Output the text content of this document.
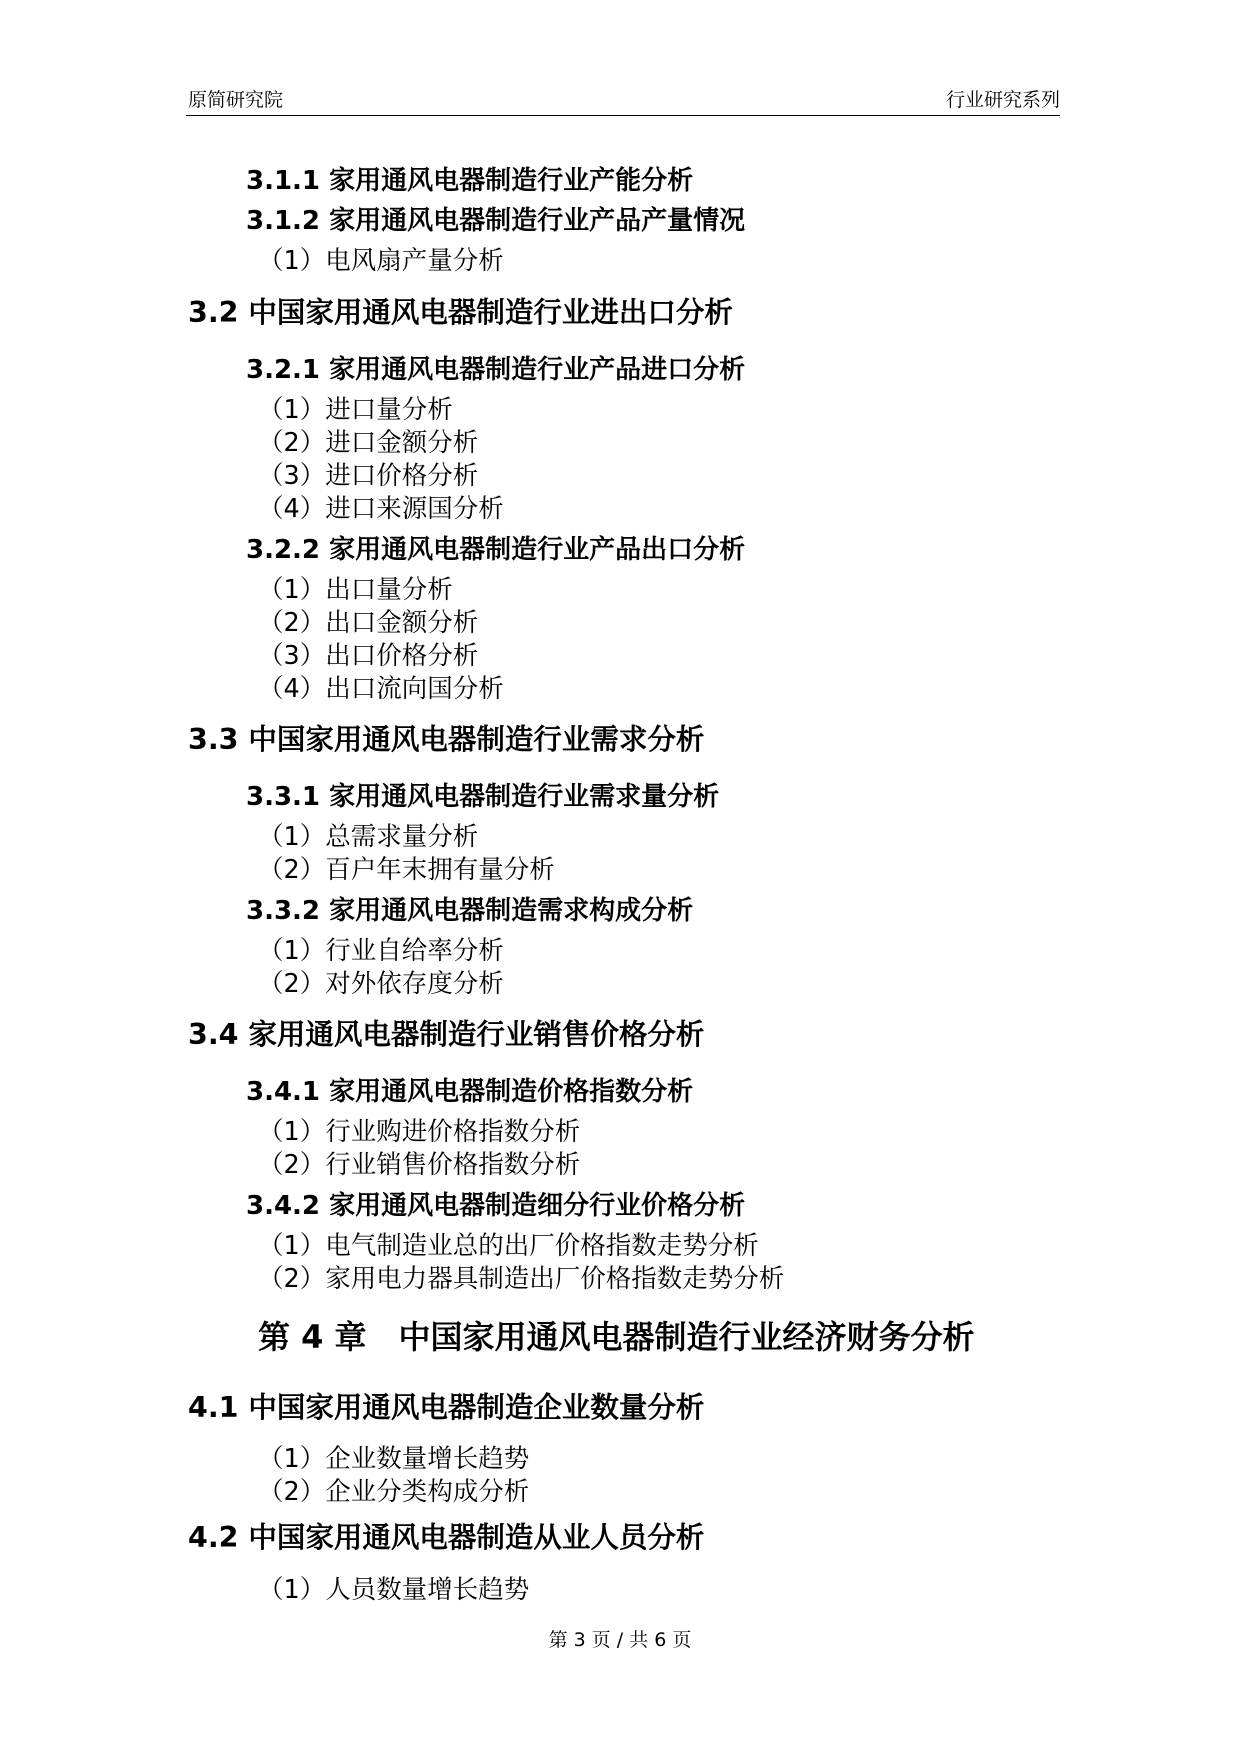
原简研究院	行业研究系列
3.1.1 家用通风电器制造行业产能分析
3.1.2 家用通风电器制造行业产品产量情况
（1）电风扇产量分析
3.2 中国家用通风电器制造行业进出口分析
3.2.1 家用通风电器制造行业产品进口分析
（1）进口量分析
（2）进口金额分析
（3）进口价格分析
（4）进口来源国分析
3.2.2 家用通风电器制造行业产品出口分析
（1）出口量分析
（2）出口金额分析
（3）出口价格分析
（4）出口流向国分析
3.3 中国家用通风电器制造行业需求分析
3.3.1 家用通风电器制造行业需求量分析
（1）总需求量分析
（2）百户年末拥有量分析
3.3.2 家用通风电器制造需求构成分析
（1）行业自给率分析
（2）对外依存度分析
3.4 家用通风电器制造行业销售价格分析
3.4.1 家用通风电器制造价格指数分析
（1）行业购进价格指数分析
（2）行业销售价格指数分析
3.4.2 家用通风电器制造细分行业价格分析
（1）电气制造业总的出厂价格指数走势分析
（2）家用电力器具制造出厂价格指数走势分析
第 4 章　中国家用通风电器制造行业经济财务分析
4.1 中国家用通风电器制造企业数量分析
（1）企业数量增长趋势
（2）企业分类构成分析
4.2 中国家用通风电器制造从业人员分析
（1）人员数量增长趋势
第 3 页 / 共 6 页
